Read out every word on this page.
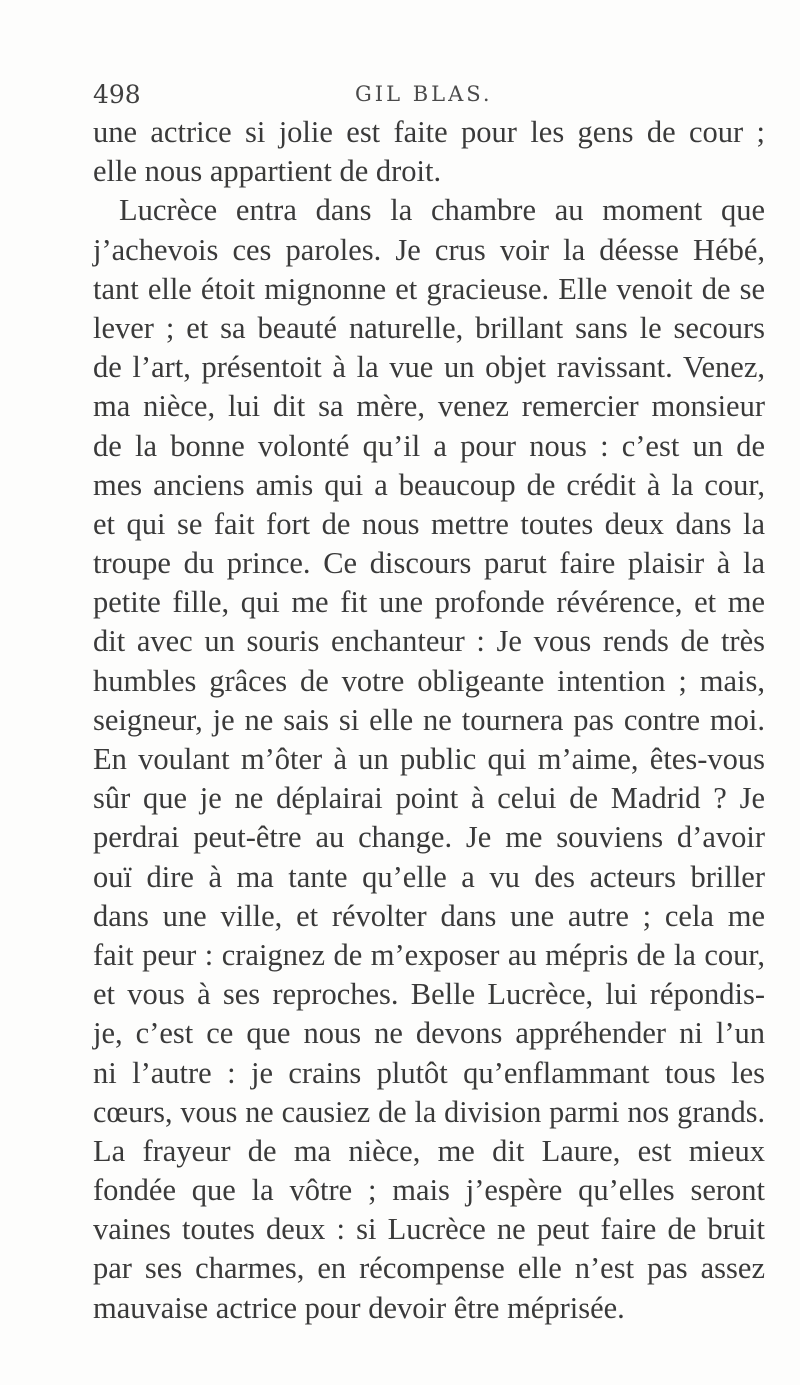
498	GIL BLAS.
une actrice si jolie est faite pour les gens de cour ;
elle nous appartient de droit.
Lucrèce entra dans la chambre au moment que
j’achevois ces paroles. Je crus voir la déesse Hébé,
tant elle étoit mignonne et gracieuse. Elle venoit de se
lever ; et sa beauté naturelle, brillant sans le secours
de l’art, présentoit à la vue un objet ravissant. Venez,
ma nièce, lui dit sa mère, venez remercier monsieur
de la bonne volonté qu’il a pour nous : c’est un de
mes anciens amis qui a beaucoup de crédit à la cour,
et qui se fait fort de nous mettre toutes deux dans la
troupe du prince. Ce discours parut faire plaisir à la
petite fille, qui me fit une profonde révérence, et me
dit avec un souris enchanteur : Je vous rends de très
humbles grâces de votre obligeante intention ; mais,
seigneur, je ne sais si elle ne tournera pas contre moi.
En voulant m’ôter à un public qui m’aime, êtes-vous
sûr que je ne déplairai point à celui de Madrid ? Je
perdrai peut-être au change. Je me souviens d’avoir
ouï dire à ma tante qu’elle a vu des acteurs briller
dans une ville, et révolter dans une autre ; cela me
fait peur : craignez de m’exposer au mépris de la cour,
et vous à ses reproches. Belle Lucrèce, lui répondis-
je, c’est ce que nous ne devons appréhender ni l’un
ni l’autre : je crains plutôt qu’enflammant tous les
cœurs, vous ne causiez de la division parmi nos grands.
La frayeur de ma nièce, me dit Laure, est mieux
fondée que la vôtre ; mais j’espère qu’elles seront
vaines toutes deux : si Lucrèce ne peut faire de bruit
par ses charmes, en récompense elle n’est pas assez
mauvaise actrice pour devoir être méprisée.
